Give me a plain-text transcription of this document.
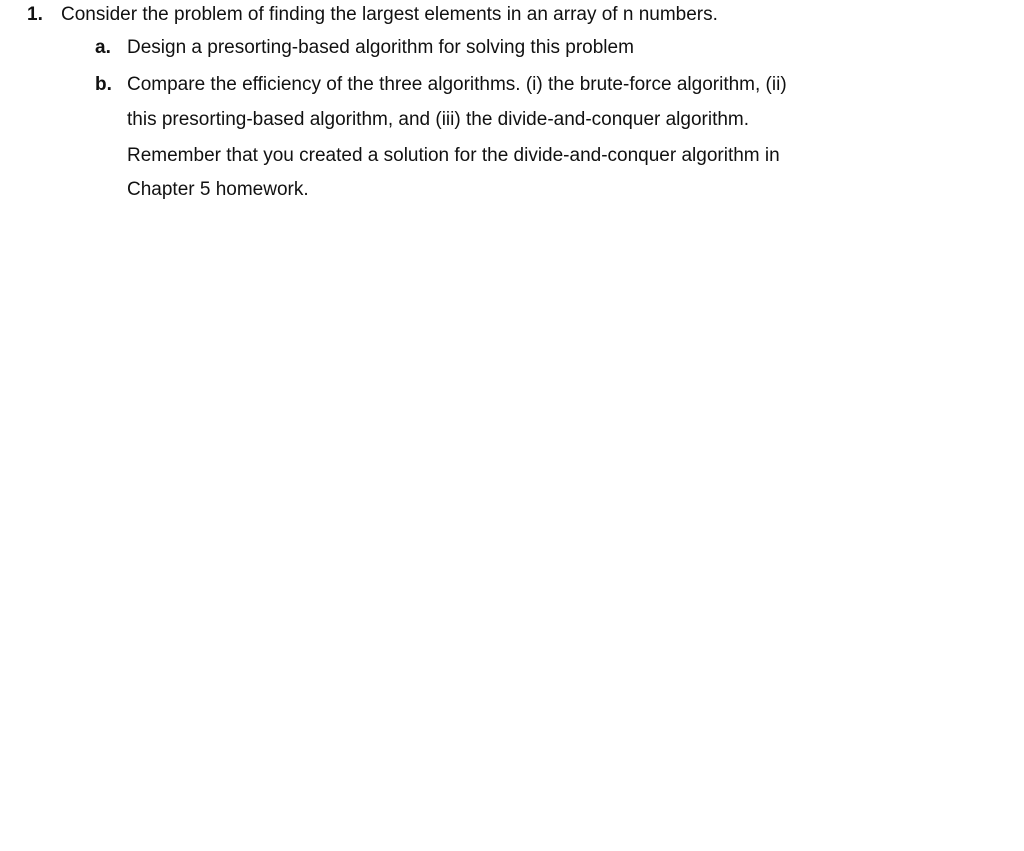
1. Consider the problem of finding the largest elements in an array of n numbers.
a. Design a presorting-based algorithm for solving this problem
b. Compare the efficiency of the three algorithms. (i) the brute-force algorithm, (ii)
this presorting-based algorithm, and (iii) the divide-and-conquer algorithm.
Remember that you created a solution for the divide-and-conquer algorithm in
Chapter 5 homework.
